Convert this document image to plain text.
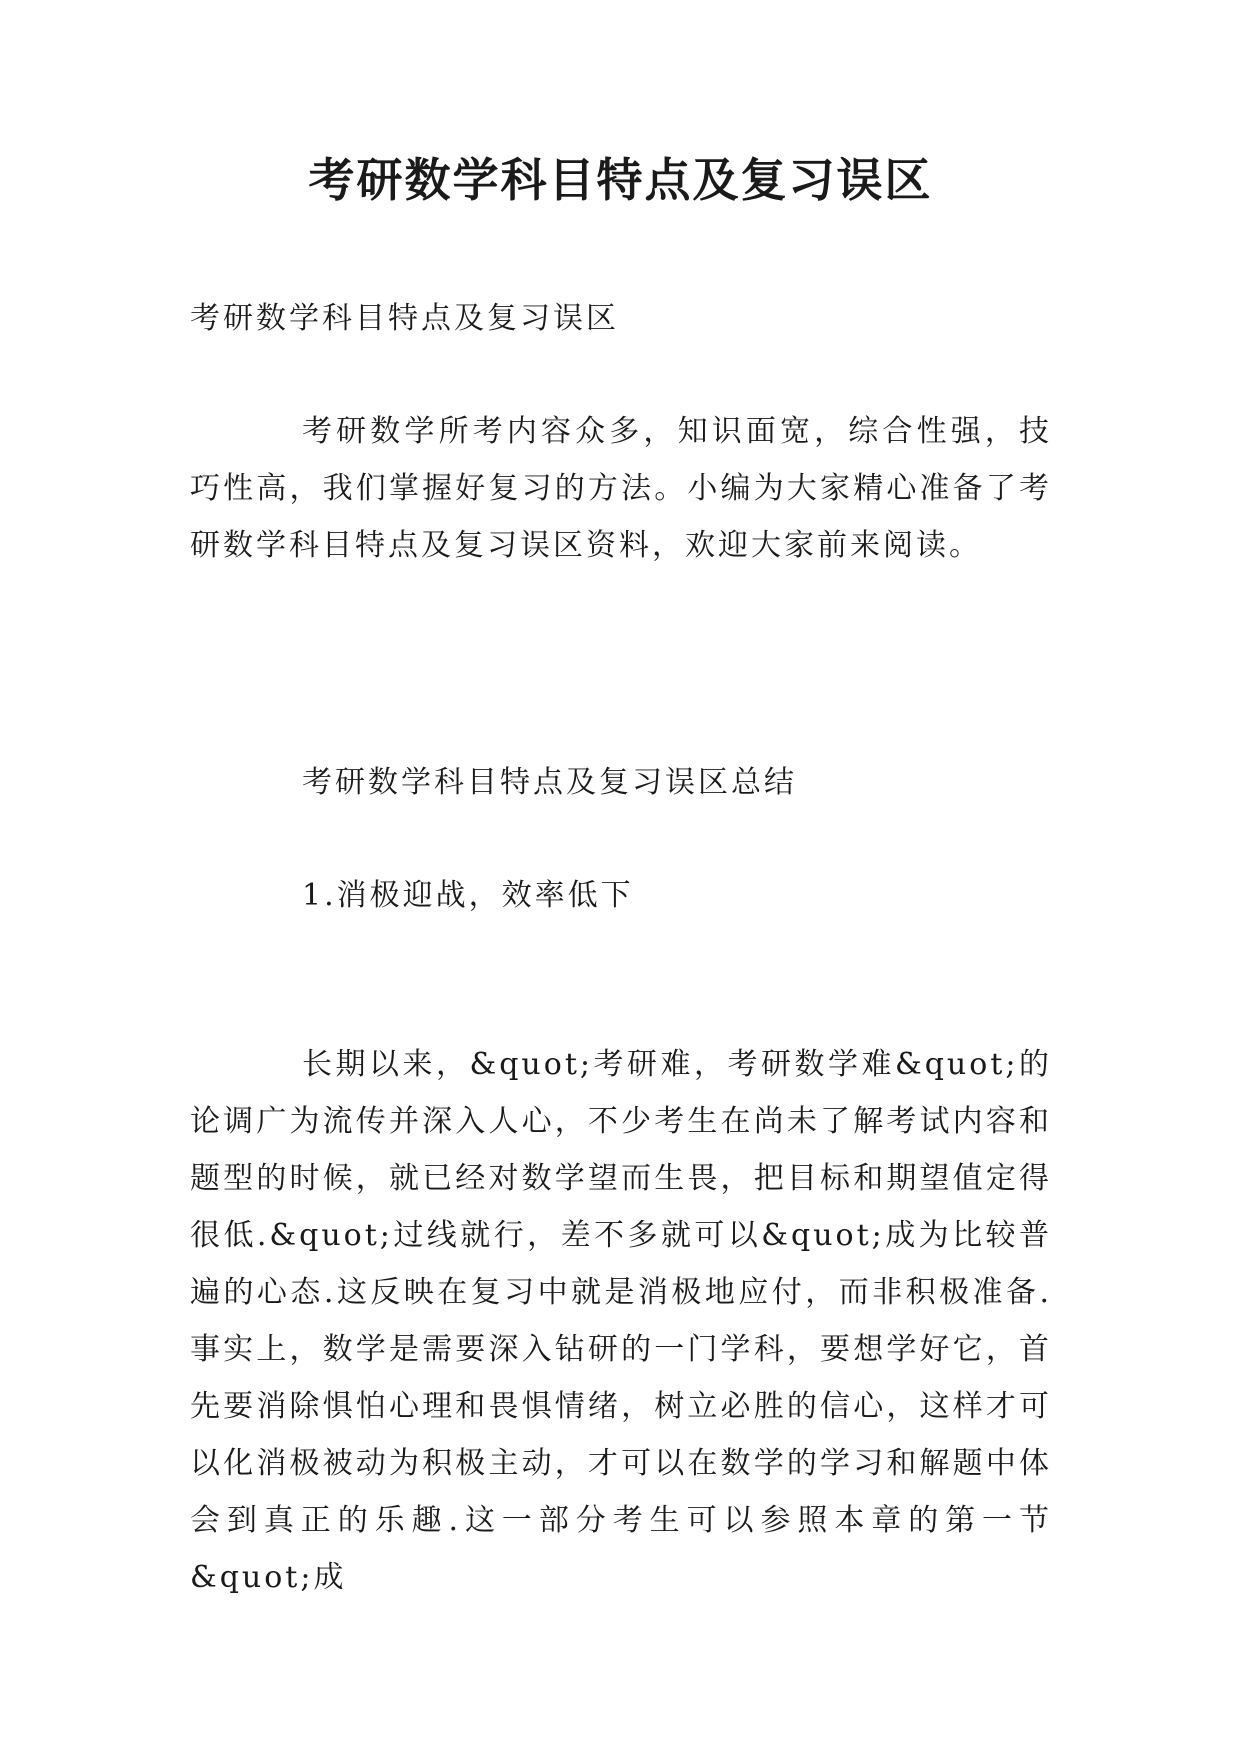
考研数学科目特点及复习误区
考研数学科目特点及复习误区
考研数学所考内容众多，知识面宽，综合性强，技巧性高，我们掌握好复习的方法。小编为大家精心准备了考研数学科目特点及复习误区资料，欢迎大家前来阅读。
考研数学科目特点及复习误区总结
1.消极迎战，效率低下
长期以来，&quot;考研难，考研数学难&quot;的论调广为流传并深入人心，不少考生在尚未了解考试内容和题型的时候，就已经对数学望而生畏，把目标和期望值定得很低.&quot;过线就行，差不多就可以&quot;成为比较普遍的心态.这反映在复习中就是消极地应付，而非积极准备.事实上，数学是需要深入钻研的一门学科，要想学好它，首先要消除惧怕心理和畏惧情绪，树立必胜的信心，这样才可以化消极被动为积极主动，才可以在数学的学习和解题中体会到真正的乐趣.这一部分考生可以参照本章的第一节&quot;成
